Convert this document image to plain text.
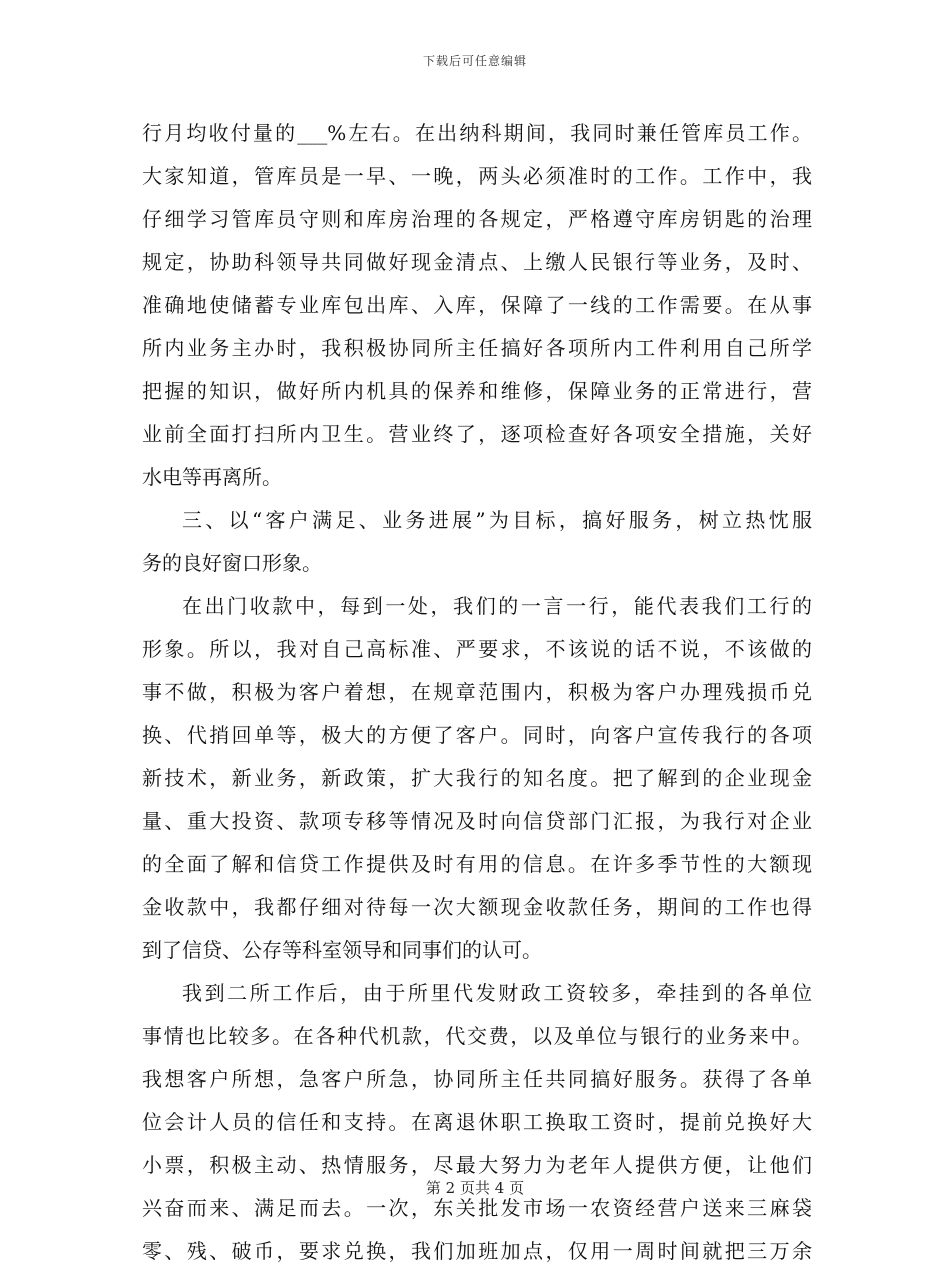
下载后可任意编辑
行月均收付量的___%左右。在出纳科期间，我同时兼任管库员工作。
大家知道，管库员是一早、一晚，两头必须准时的工作。工作中，我
仔细学习管库员守则和库房治理的各规定，严格遵守库房钥匙的治理
规定，协助科领导共同做好现金清点、上缴人民银行等业务，及时、
准确地使储蓄专业库包出库、入库，保障了一线的工作需要。在从事
所内业务主办时，我积极协同所主任搞好各项所内工件利用自己所学
把握的知识，做好所内机具的保养和维修，保障业务的正常进行，营
业前全面打扫所内卫生。营业终了，逐项检查好各项安全措施，关好
水电等再离所。
三、以“客户满足、业务进展”为目标，搞好服务，树立热忱服
务的良好窗口形象。
在出门收款中，每到一处，我们的一言一行，能代表我们工行的
形象。所以，我对自己高标准、严要求，不该说的话不说，不该做的
事不做，积极为客户着想，在规章范围内，积极为客户办理残损币兑
换、代捎回单等，极大的方便了客户。同时，向客户宣传我行的各项
新技术，新业务，新政策，扩大我行的知名度。把了解到的企业现金
量、重大投资、款项专移等情况及时向信贷部门汇报，为我行对企业
的全面了解和信贷工作提供及时有用的信息。在许多季节性的大额现
金收款中，我都仔细对待每一次大额现金收款任务，期间的工作也得
到了信贷、公存等科室领导和同事们的认可。
我到二所工作后，由于所里代发财政工资较多，牵挂到的各单位
事情也比较多。在各种代机款，代交费，以及单位与银行的业务来中。
我想客户所想，急客户所急，协同所主任共同搞好服务。获得了各单
位会计人员的信任和支持。在离退休职工换取工资时，提前兑换好大
小票，积极主动、热情服务，尽最大努力为老年人提供方便，让他们
兴奋而来、满足而去。一次，东关批发市场一农资经营户送来三麻袋
零、残、破币，要求兑换，我们加班加点，仅用一周时间就把三万余
第 2 页共 4 页
